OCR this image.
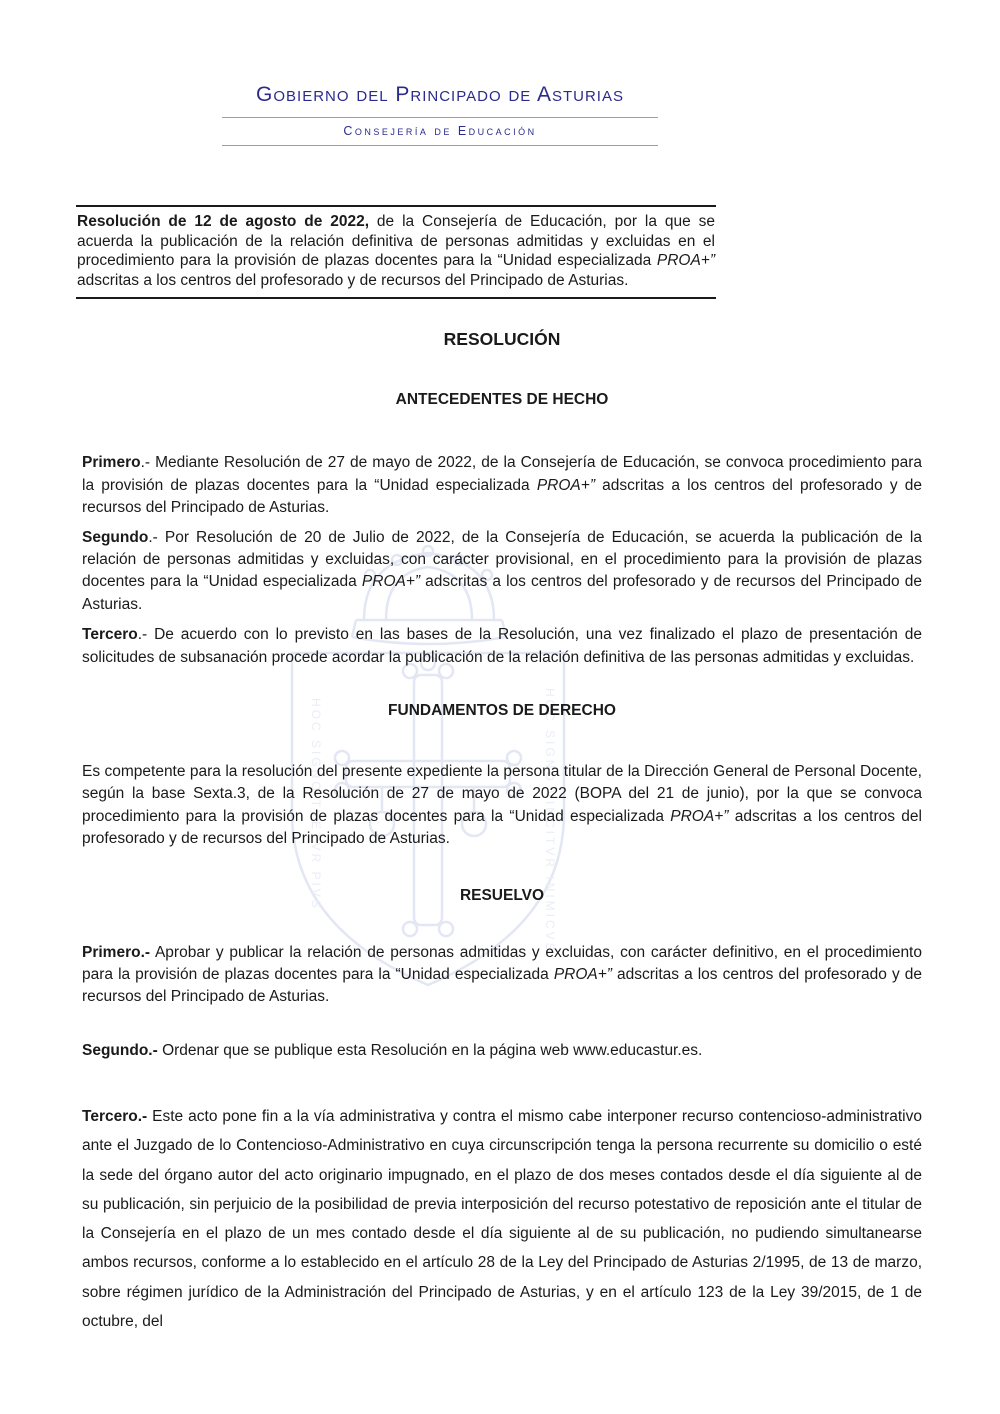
HOC SIGNO TVETVR PIVS	HOC SIGNO VINCITVR INIMICVS
Gobierno del Principado de Asturias
Consejería de Educación
Resolución de 12 de agosto de 2022, de la Consejería de Educación, por la que se acuerda la publicación de la relación definitiva de personas admitidas y excluidas en el procedimiento para la provisión de plazas docentes para la “Unidad especializada PROA+” adscritas a los centros del profesorado y de recursos del Principado de Asturias.
RESOLUCIÓN
ANTECEDENTES DE HECHO

Primero.- Mediante Resolución de 27 de mayo de 2022, de la Consejería de Educación, se convoca procedimiento para la provisión de plazas docentes para la “Unidad especializada PROA+” adscritas a los centros del profesorado y de recursos del Principado de Asturias.

Segundo.- Por Resolución de 20 de Julio de 2022, de la Consejería de Educación, se acuerda la publicación de la relación de personas admitidas y excluidas, con carácter provisional, en el procedimiento para la provisión de plazas docentes para la “Unidad especializada PROA+” adscritas a los centros del profesorado y de recursos del Principado de Asturias.

Tercero.- De acuerdo con lo previsto en las bases de la Resolución, una vez finalizado el plazo de presentación de solicitudes de subsanación procede acordar la publicación de la relación definitiva de las personas admitidas y excluidas.

FUNDAMENTOS DE DERECHO

Es competente para la resolución del presente expediente la persona titular de la Dirección General de Personal Docente, según la base Sexta.3, de la Resolución de 27 de mayo de 2022 (BOPA del 21 de junio), por la que se convoca procedimiento para la provisión de plazas docentes para la “Unidad especializada PROA+” adscritas a los centros del profesorado y de recursos del Principado de Asturias.

RESUELVO

Primero.- Aprobar y publicar la relación de personas admitidas y excluidas, con carácter definitivo, en el procedimiento para la provisión de plazas docentes para la “Unidad especializada PROA+” adscritas a los centros del profesorado y de recursos del Principado de Asturias.

Segundo.- Ordenar que se publique esta Resolución en la página web www.educastur.es.

Tercero.- Este acto pone fin a la vía administrativa y contra el mismo cabe interponer recurso contencioso-administrativo ante el Juzgado de lo Contencioso-Administrativo en cuya circunscripción tenga la persona recurrente su domicilio o esté la sede del órgano autor del acto originario impugnado, en el plazo de dos meses contados desde el día siguiente al de su publicación, sin perjuicio de la posibilidad de previa interposición del recurso potestativo de reposición ante el titular de la Consejería en el plazo de un mes contado desde el día siguiente al de su publicación, no pudiendo simultanearse ambos recursos, conforme a lo establecido en el artículo 28 de la Ley del Principado de Asturias 2/1995, de 13 de marzo, sobre régimen jurídico de la Administración del Principado de Asturias, y en el artículo 123 de la Ley 39/2015, de 1 de octubre, del
